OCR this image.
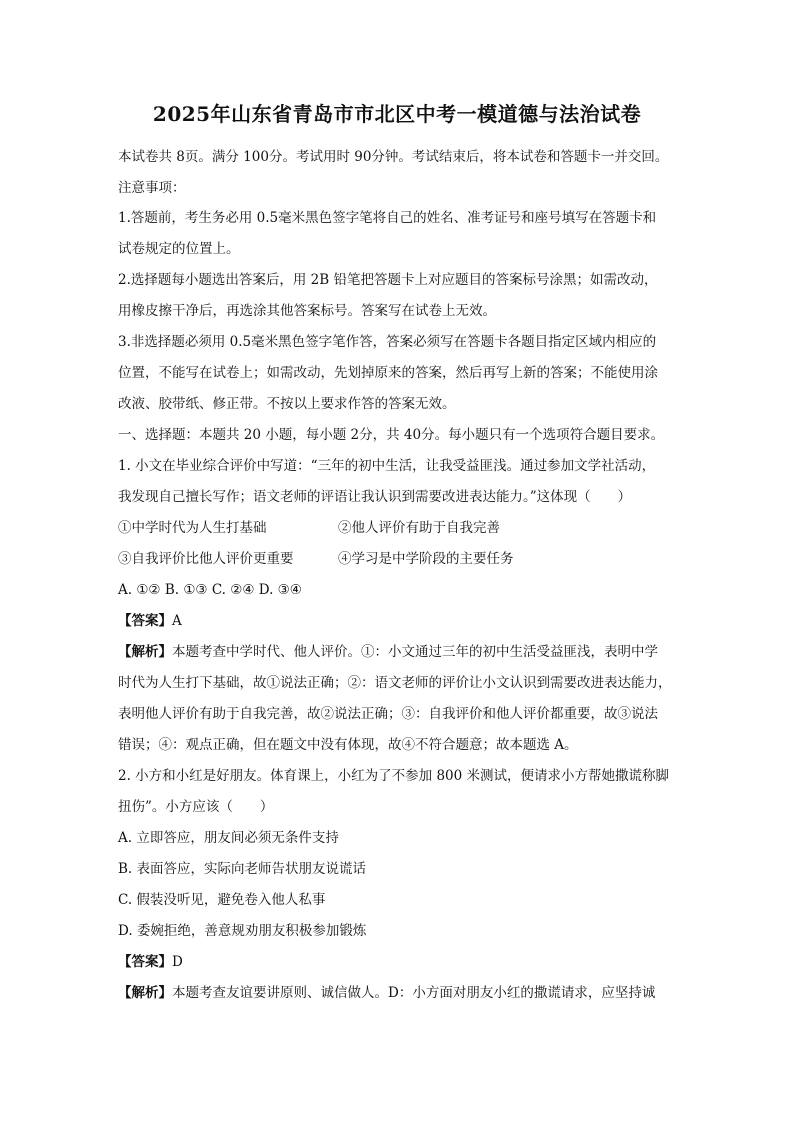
2025年山东省青岛市市北区中考一模道德与法治试卷
本试卷共 8页。满分 100分。考试用时 90分钟。考试结束后，将本试卷和答题卡一并交回。
注意事项：
1.答题前，考生务必用 0.5毫米黑色签字笔将自己的姓名、准考证号和座号填写在答题卡和
试卷规定的位置上。
2.选择题每小题选出答案后，用 2B 铅笔把答题卡上对应题目的答案标号涂黑；如需改动，
用橡皮擦干净后，再选涂其他答案标号。答案写在试卷上无效。
3.非选择题必须用 0.5毫米黑色签字笔作答，答案必须写在答题卡各题目指定区域内相应的
位置，不能写在试卷上；如需改动，先划掉原来的答案，然后再写上新的答案；不能使用涂
改液、胶带纸、修正带。不按以上要求作答的答案无效。
一、选择题：本题共 20 小题，每小题 2分，共 40分。每小题只有一个选项符合题目要求。
1. 小文在毕业综合评价中写道：“三年的初中生活，让我受益匪浅。通过参加文学社活动，
我发现自己擅长写作；语文老师的评语让我认识到需要改进表达能力。”这体现（　　）
①中学时代为人生打基础	②他人评价有助于自我完善
③自我评价比他人评价更重要	④学习是中学阶段的主要任务
A. ①② B. ①③ C. ②④ D. ③④
【答案】A
【解析】本题考查中学时代、他人评价。①：小文通过三年的初中生活受益匪浅，表明中学
时代为人生打下基础，故①说法正确；②：语文老师的评价让小文认识到需要改进表达能力，
表明他人评价有助于自我完善，故②说法正确；③：自我评价和他人评价都重要，故③说法
错误；④：观点正确，但在题文中没有体现，故④不符合题意；故本题选 A。
2. 小方和小红是好朋友。体育课上，小红为了不参加 800 米测试，便请求小方帮她撒谎称脚
扭伤”。小方应该（　　）
A. 立即答应，朋友间必须无条件支持
B. 表面答应，实际向老师告状朋友说谎话
C. 假装没听见，避免卷入他人私事
D. 委婉拒绝，善意规劝朋友积极参加锻炼
【答案】D
【解析】本题考查友谊要讲原则、诚信做人。D：小方面对朋友小红的撒谎请求，应坚持诚
